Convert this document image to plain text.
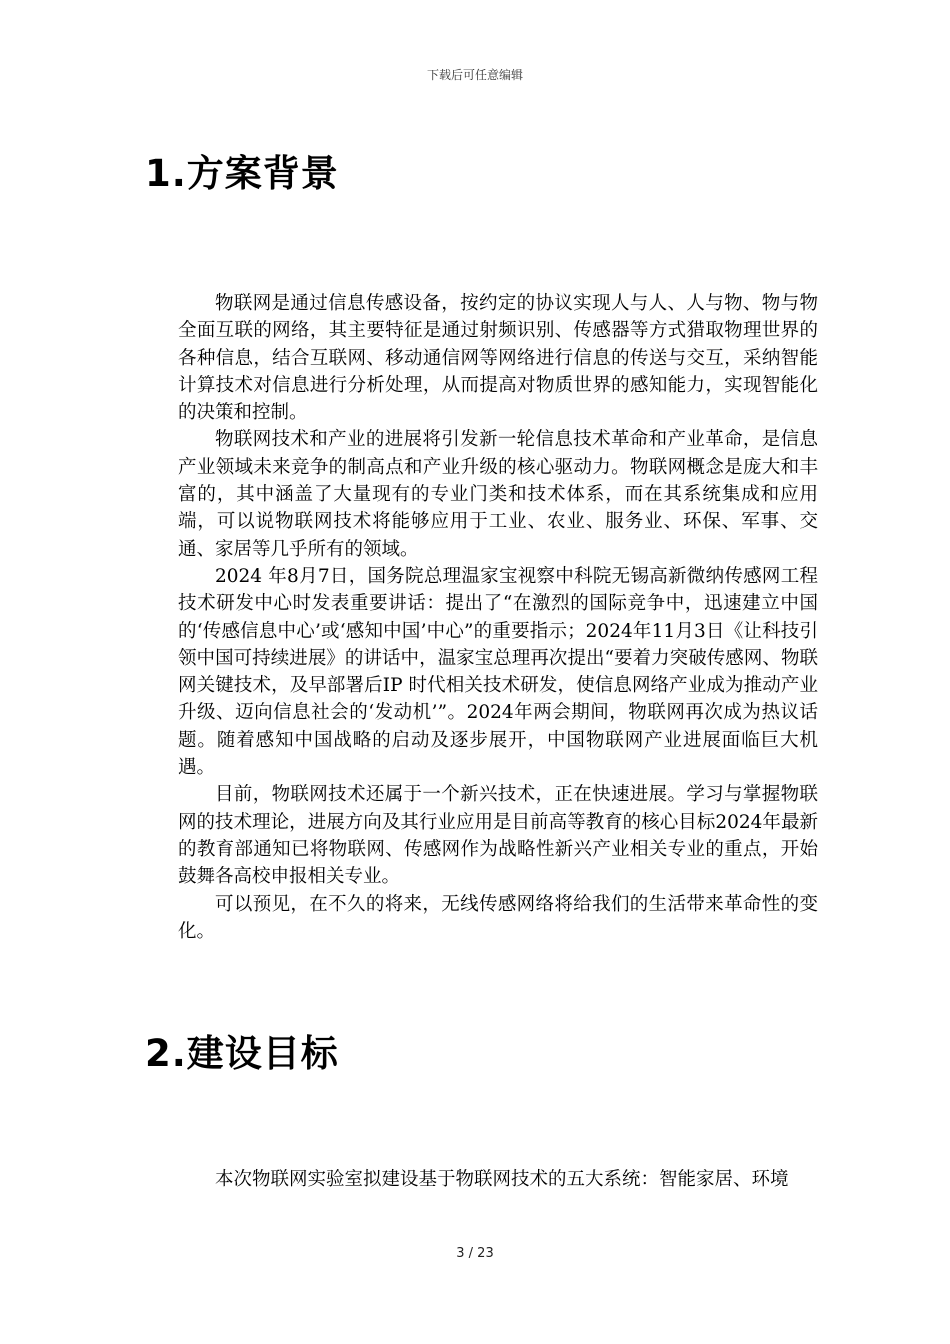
下载后可任意编辑
1.方案背景

物联网是通过信息传感设备，按约定的协议实现人与人、人与物、物与物全面互联的网络，其主要特征是通过射频识别、传感器等方式猎取物理世界的各种信息，结合互联网、移动通信网等网络进行信息的传送与交互，采纳智能计算技术对信息进行分析处理，从而提高对物质世界的感知能力，实现智能化的决策和控制。

物联网技术和产业的进展将引发新一轮信息技术革命和产业革命，是信息产业领域未来竞争的制高点和产业升级的核心驱动力。物联网概念是庞大和丰富的，其中涵盖了大量现有的专业门类和技术体系，而在其系统集成和应用端，可以说物联网技术将能够应用于工业、农业、服务业、环保、军事、交通、家居等几乎所有的领域。

2024 年8月7日，国务院总理温家宝视察中科院无锡高新微纳传感网工程技术研发中心时发表重要讲话：提出了“在激烈的国际竞争中，迅速建立中国的‘传感信息中心’或‘感知中国’中心”的重要指示；2024年11月3日《让科技引领中国可持续进展》的讲话中，温家宝总理再次提出“要着力突破传感网、物联网关键技术，及早部署后IP 时代相关技术研发，使信息网络产业成为推动产业升级、迈向信息社会的‘发动机’”。2024年两会期间，物联网再次成为热议话题。随着感知中国战略的启动及逐步展开，中国物联网产业进展面临巨大机遇。

目前，物联网技术还属于一个新兴技术，正在快速进展。学习与掌握物联网的技术理论，进展方向及其行业应用是目前高等教育的核心目标2024年最新的教育部通知已将物联网、传感网作为战略性新兴产业相关专业的重点，开始鼓舞各高校申报相关专业。

可以预见，在不久的将来，无线传感网络将给我们的生活带来革命性的变化。

2.建设目标

本次物联网实验室拟建设基于物联网技术的五大系统：智能家居、环境

3 / 23
